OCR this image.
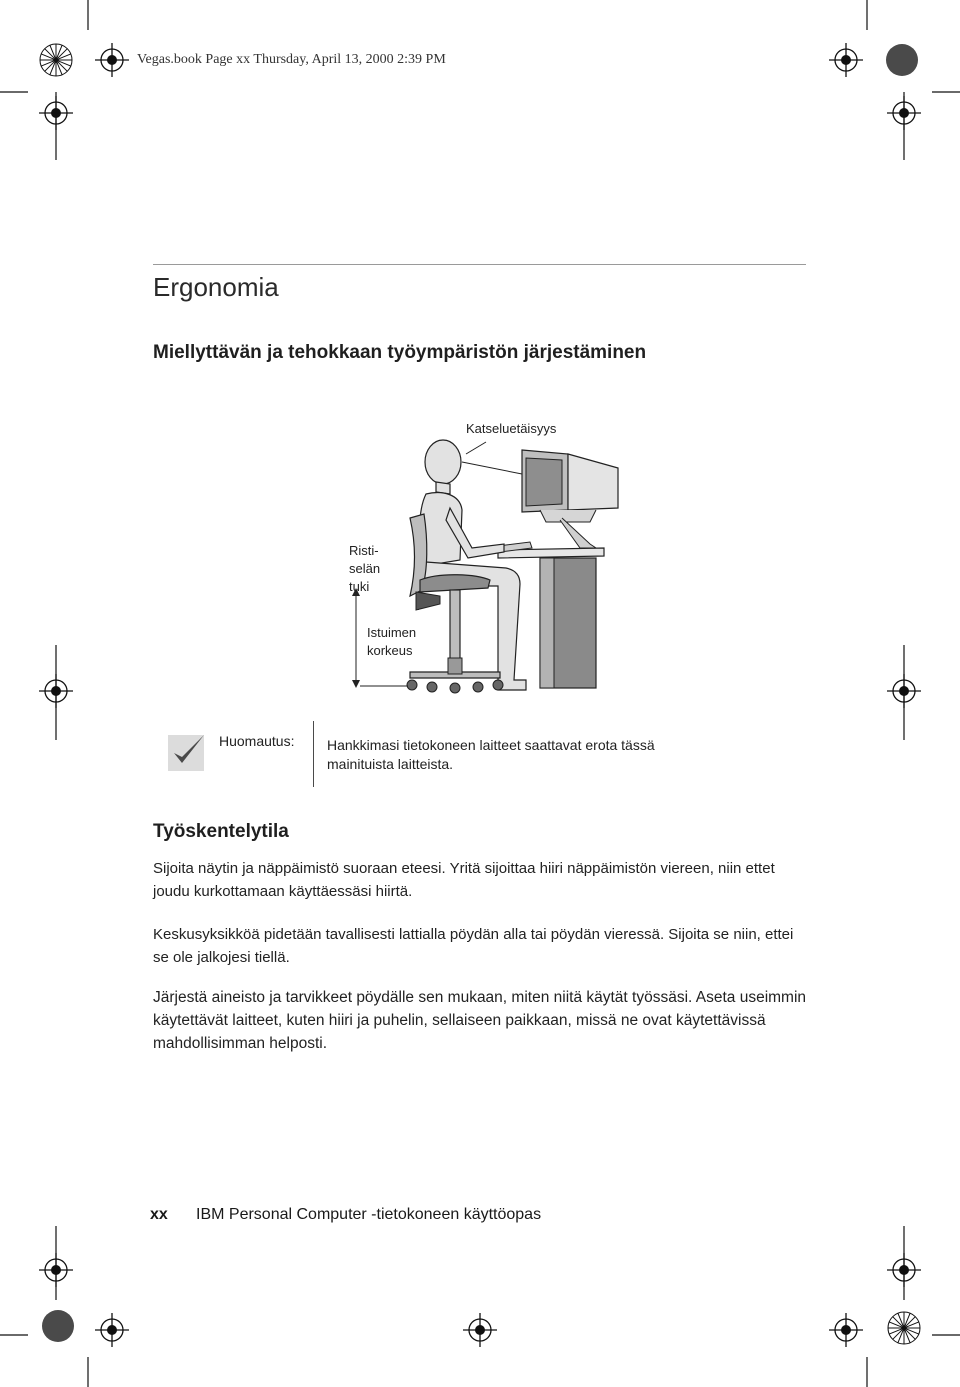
Vegas.book Page xx Thursday, April 13, 2000 2:39 PM
Ergonomia
Miellyttävän ja tehokkaan työympäristön järjestäminen
Katseluetäisyys
Risti-
selän
tuki
Istuimen
korkeus
Huomautus: Hankkimasi tietokoneen laitteet saattavat erota tässä mainituista laitteista.
Työskentelytila

Sijoita näytin ja näppäimistö suoraan eteesi. Yritä sijoittaa hiiri näppäimistön viereen, niin ettet joudu kurkottamaan käyttäessäsi hiirtä.

Keskusyksikköä pidetään tavallisesti lattialla pöydän alla tai pöydän vieressä. Sijoita se niin, ettei se ole jalkojesi tiellä.

Järjestä aineisto ja tarvikkeet pöydälle sen mukaan, miten niitä käytät työssäsi. Aseta useimmin käytettävät laitteet, kuten hiiri ja puhelin, sellaiseen paikkaan, missä ne ovat käytettävissä mahdollisimman helposti.

xx IBM Personal Computer -tietokoneen käyttöopas
